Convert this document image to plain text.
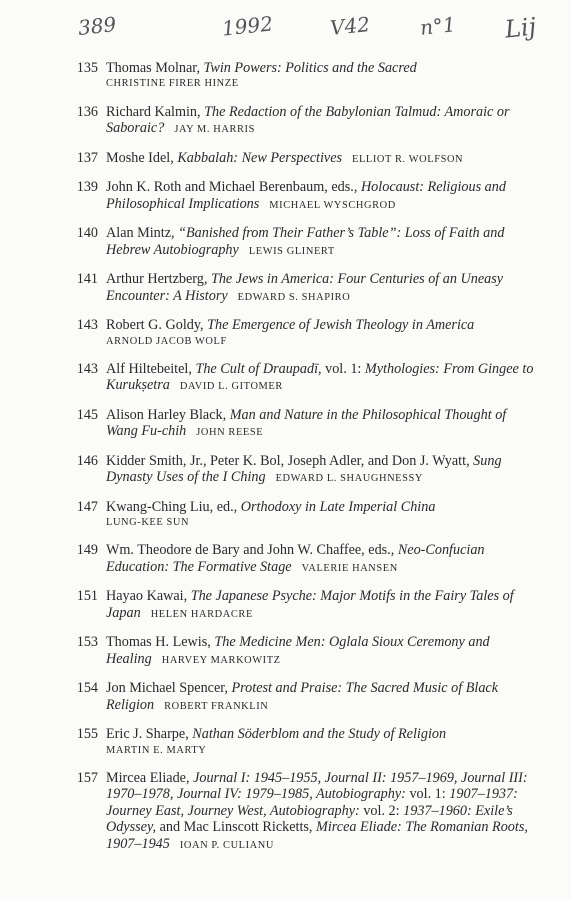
389	1992	V42 n°1 Lij
135 Thomas Molnar, Twin Powers: Politics and the Sacred
CHRISTINE FIRER HINZE
136 Richard Kalmin, The Redaction of the Babylonian Talmud: Amoraic or Saboraic? JAY M. HARRIS
137 Moshe Idel, Kabbalah: New Perspectives ELLIOT R. WOLFSON
139 John K. Roth and Michael Berenbaum, eds., Holocaust: Religious and Philosophical Implications MICHAEL WYSCHGROD
140 Alan Mintz, “Banished from Their Father’s Table”: Loss of Faith and Hebrew Autobiography LEWIS GLINERT
141 Arthur Hertzberg, The Jews in America: Four Centuries of an Uneasy Encounter: A History EDWARD S. SHAPIRO
143 Robert G. Goldy, The Emergence of Jewish Theology in America
ARNOLD JACOB WOLF
143 Alf Hiltebeitel, The Cult of Draupadī, vol. 1: Mythologies: From Gingee to Kurukṣetra DAVID L. GITOMER
145 Alison Harley Black, Man and Nature in the Philosophical Thought of Wang Fu-chih JOHN REESE
146 Kidder Smith, Jr., Peter K. Bol, Joseph Adler, and Don J. Wyatt, Sung Dynasty Uses of the I Ching EDWARD L. SHAUGHNESSY
147 Kwang-Ching Liu, ed., Orthodoxy in Late Imperial China
LUNG-KEE SUN
149 Wm. Theodore de Bary and John W. Chaffee, eds., Neo-Confucian Education: The Formative Stage VALERIE HANSEN
151 Hayao Kawai, The Japanese Psyche: Major Motifs in the Fairy Tales of Japan HELEN HARDACRE
153 Thomas H. Lewis, The Medicine Men: Oglala Sioux Ceremony and Healing HARVEY MARKOWITZ
154 Jon Michael Spencer, Protest and Praise: The Sacred Music of Black Religion ROBERT FRANKLIN
155 Eric J. Sharpe, Nathan Söderblom and the Study of Religion
MARTIN E. MARTY
157 Mircea Eliade, Journal I: 1945–1955, Journal II: 1957–1969, Journal III: 1970–1978, Journal IV: 1979–1985, Autobiography: vol. 1: 1907–1937: Journey East, Journey West, Autobiography: vol. 2: 1937–1960: Exile’s Odyssey, and Mac Linscott Ricketts, Mircea Eliade: The Romanian Roots, 1907–1945 IOAN P. CULIANU
